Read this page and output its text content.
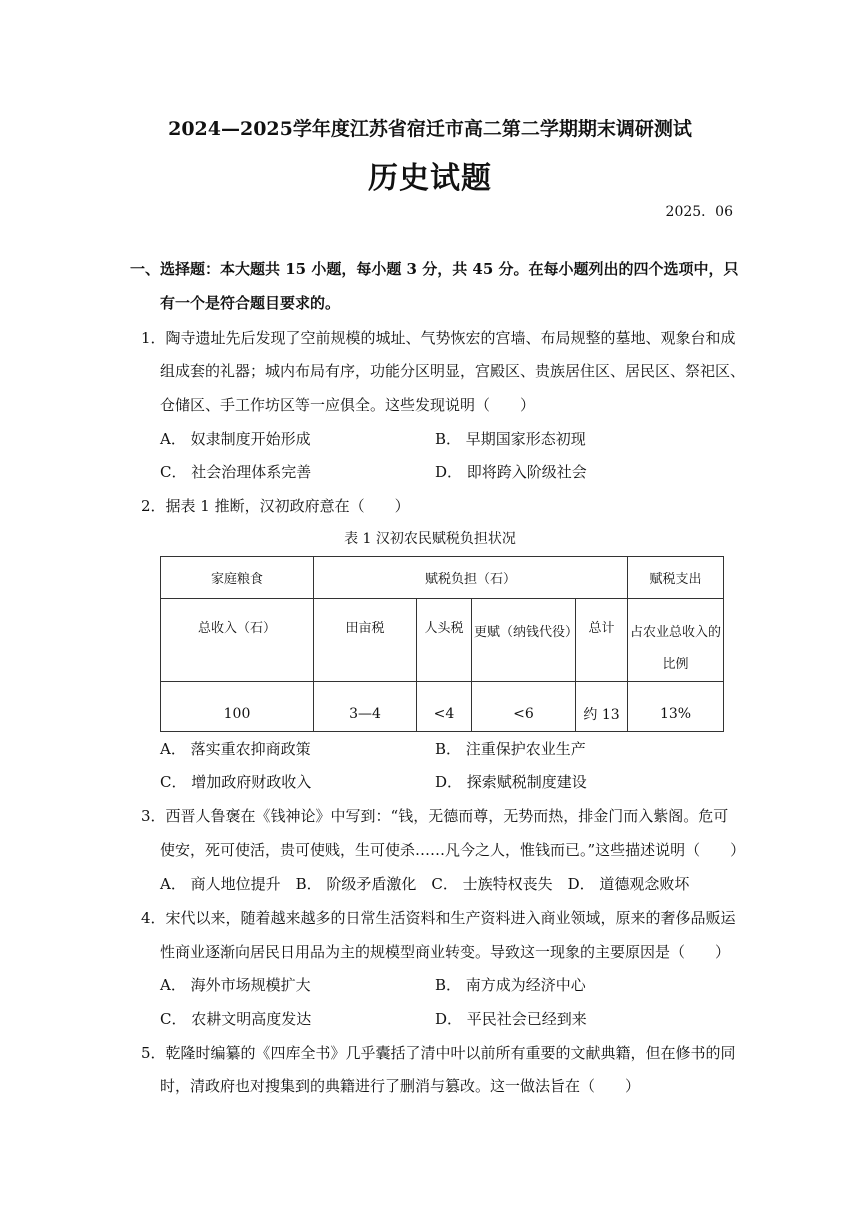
2024—2025学年度江苏省宿迁市高二第二学期期末调研测试
历史试题
2025．06
一、选择题：本大题共 15 小题，每小题 3 分，共 45 分。在每小题列出的四个选项中，只
有一个是符合题目要求的。
1．陶寺遗址先后发现了空前规模的城址、气势恢宏的宫墙、布局规整的墓地、观象台和成
组成套的礼器；城内布局有序，功能分区明显，宫殿区、贵族居住区、居民区、祭祀区、
仓储区、手工作坊区等一应俱全。这些发现说明（　　）
A． 奴隶制度开始形成	B． 早期国家形态初现
C． 社会治理体系完善	D． 即将跨入阶级社会
2．据表 1 推断，汉初政府意在（　　）
表 1 汉初农民赋税负担状况
家庭粮食	赋税负担（石）				赋税支出
总收入（石）	田亩税	人头税	更赋（纳钱代役）	总计	占农业总收入的比例
100	3—4	<4	<6	约 13	13%
A． 落实重农抑商政策	B． 注重保护农业生产
C． 增加政府财政收入	D． 探索赋税制度建设
3．西晋人鲁褒在《钱神论》中写到：“钱，无德而尊，无势而热，排金门而入紫阁。危可
使安，死可使活，贵可使贱，生可使杀……凡今之人，惟钱而已。”这些描述说明（　　）
A． 商人地位提升　B． 阶级矛盾激化　C． 士族特权丧失　D． 道德观念败坏
4．宋代以来，随着越来越多的日常生活资料和生产资料进入商业领域，原来的奢侈品贩运
性商业逐渐向居民日用品为主的规模型商业转变。导致这一现象的主要原因是（　　）
A． 海外市场规模扩大	B． 南方成为经济中心
C． 农耕文明高度发达	D． 平民社会已经到来
5．乾隆时编纂的《四库全书》几乎囊括了清中叶以前所有重要的文献典籍，但在修书的同
时，清政府也对搜集到的典籍进行了删消与篡改。这一做法旨在（　　）
